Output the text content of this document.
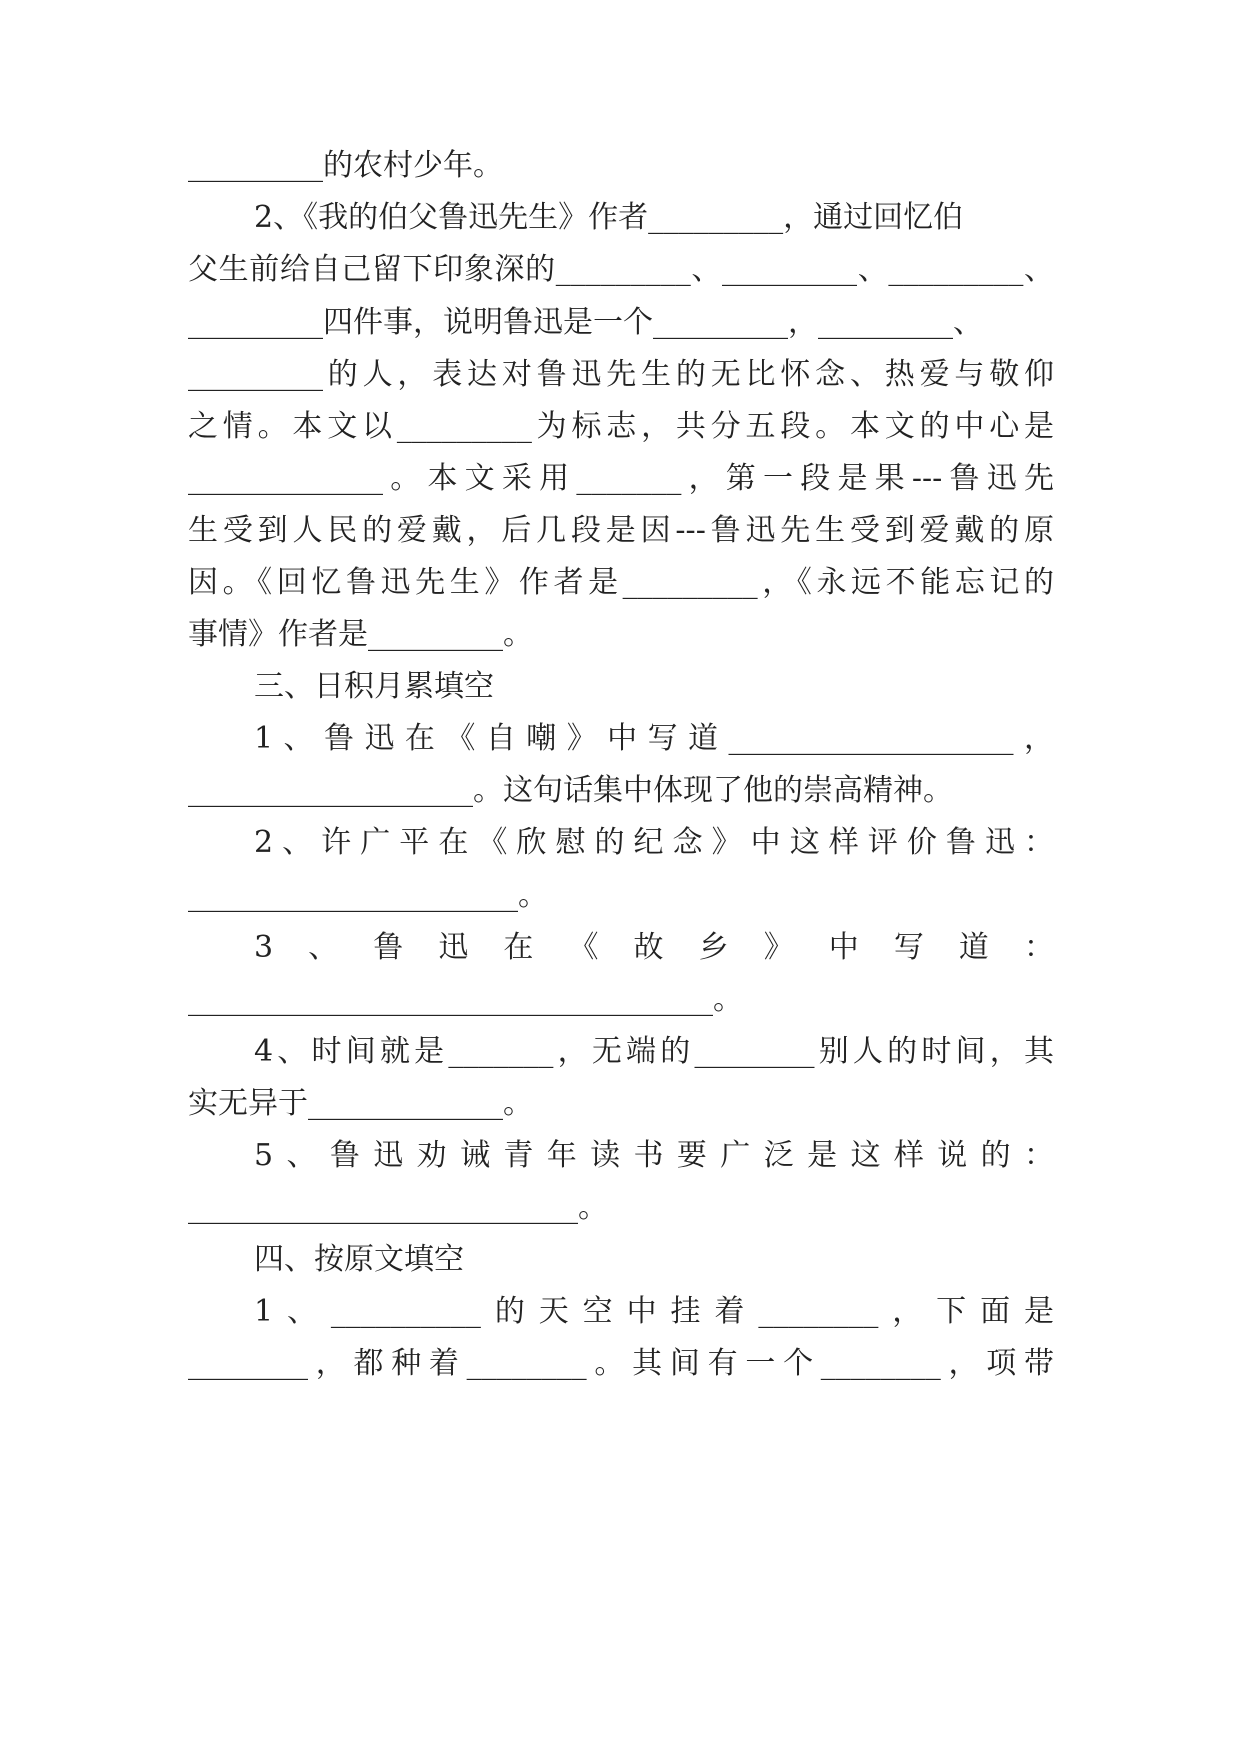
_________的农村少年。
2、《我的伯父鲁迅先生》作者_________，通过回忆伯
父生前给自己留下印象深的_________、_________、_________、
_________四件事，说明鲁迅是一个_________，_________、
_________的人，表达对鲁迅先生的无比怀念、热爱与敬仰
之情。本文以_________为标志，共分五段。本文的中心是
_____________。本文采用_______，第一段是果---鲁迅先
生受到人民的爱戴，后几段是因---鲁迅先生受到爱戴的原
因。《回忆鲁迅先生》作者是_________，《永远不能忘记的
事情》作者是_________。
三、日积月累填空
1、鲁迅在《自嘲》中写道___________________，
___________________。这句话集中体现了他的崇高精神。
2、许广平在《欣慰的纪念》中这样评价鲁迅：
______________________。
3、鲁迅在《故乡》中写道：
___________________________________。
4、时间就是_______，无端的________别人的时间，其
实无异于_____________。
5、鲁迅劝诫青年读书要广泛是这样说的：
__________________________。
四、按原文填空
1、__________的天空中挂着________，下面是
________，都种着________。其间有一个________，项带
